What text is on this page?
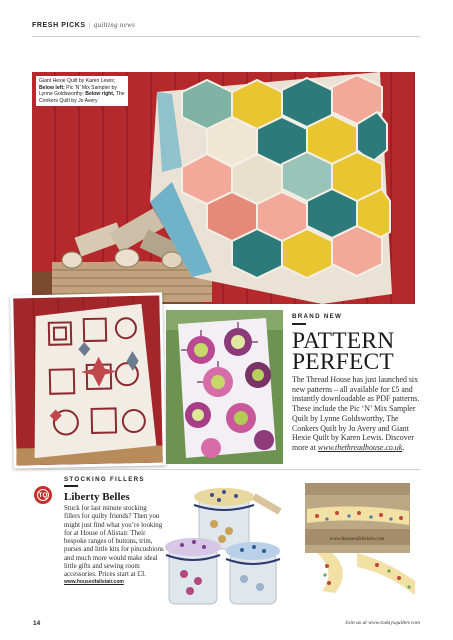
FRESH PICKS | quilting news
Giant Hexie Quilt by Karen Lewis;
Below left; Pic ‘N’ Mix Sampler by Lynne Goldsworthy; Below right, The Conkers Quilt by Jo Avery
BRAND NEW
PATTERN
PERFECT
The Thread House has just launched six new patterns – all available for £5 and instantly downloadable as PDF patterns. These include the Pic ‘N’ Mix Sampler Quilt by Lynne Goldsworthy, The Conkers Quilt by Jo Avery and Giant Hexie Quilt by Karen Lewis. Discover more at www.thethreadhouse.co.uk.
TQ
STOCKING FILLERS
Liberty Belles
Stuck for last minute stocking fillers for quilty friends? Then you might just find what you’re looking for at House of Alistair. Their bespoke ranges of buttons, trim, purses and little kits for pincushions and much more would make ideal little gifts and sewing room accessories. Prices start at £3.
www.houseofalistair.com
www.houseofalistair.com
14	Join us at www.todaysquilter.com
